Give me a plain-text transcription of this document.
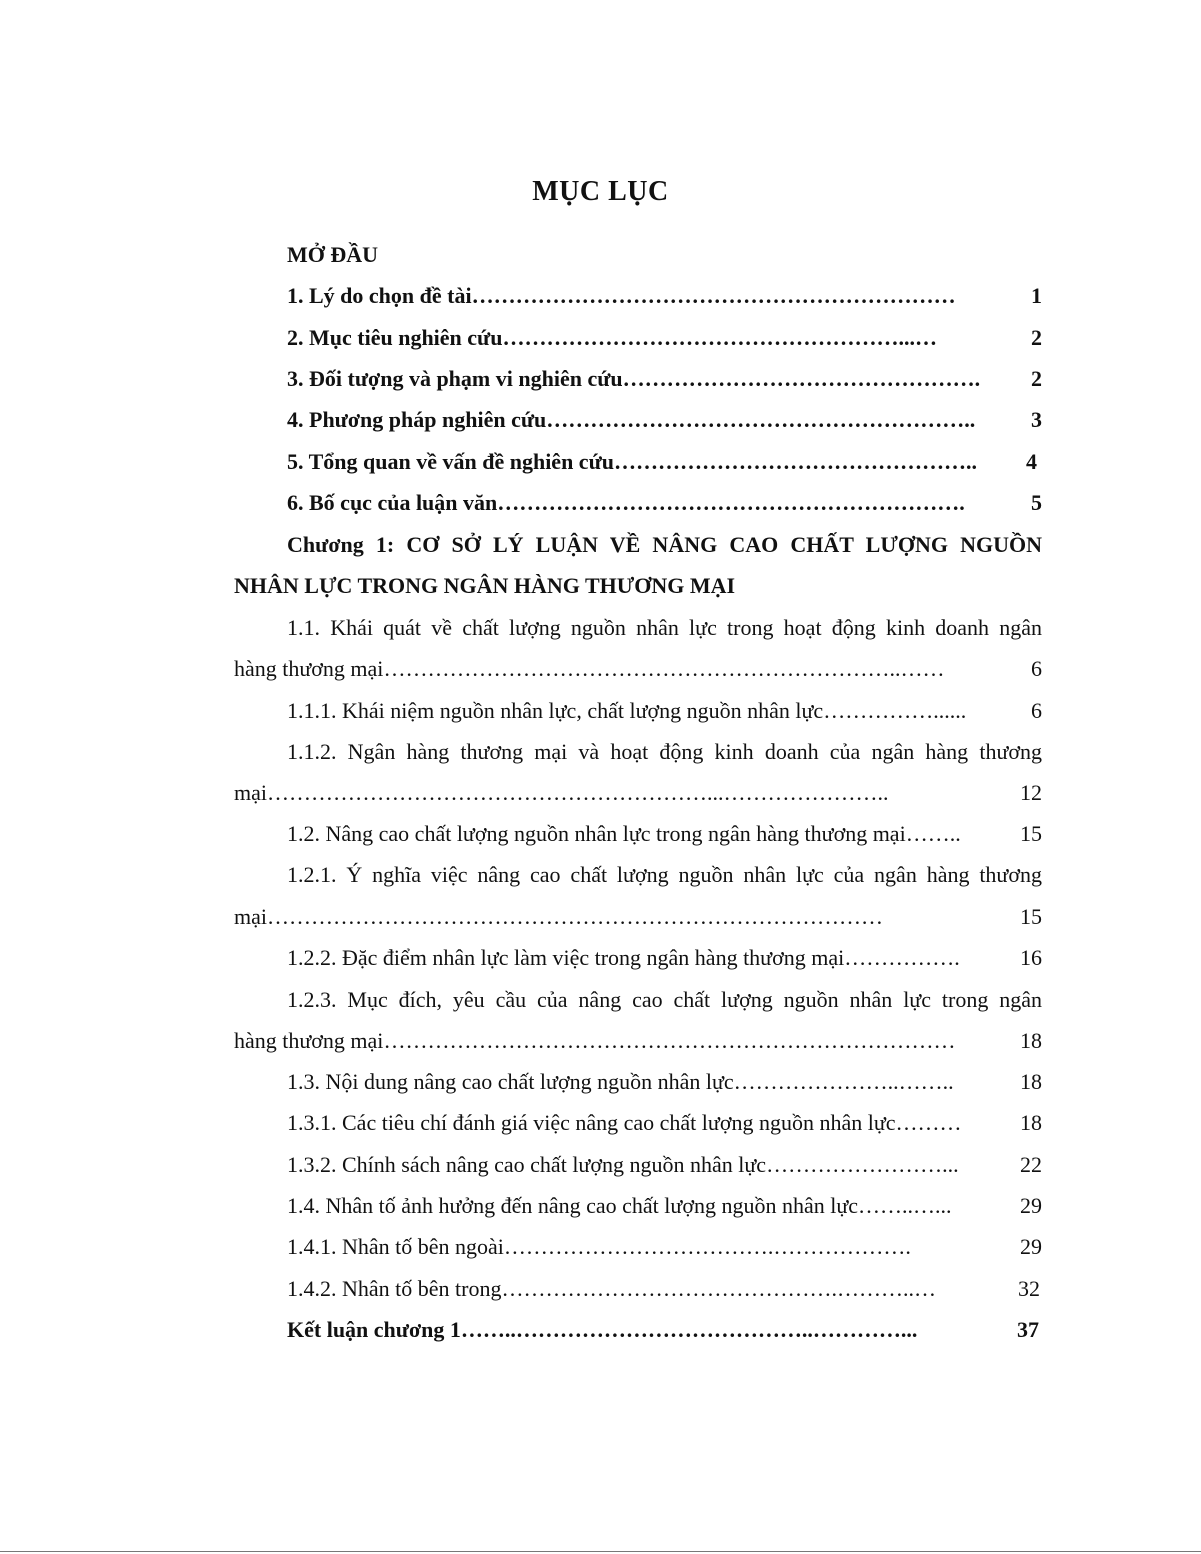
MỤC LỤC
MỞ ĐẦU
1. Lý do chọn đề tài …………………………………………………………	1
2. Mục tiêu nghiên cứu ………………………………………………...…	2
3. Đối tượng và phạm vi nghiên cứu ………………………………………….	2
4. Phương pháp nghiên cứu …………………………………………………..	3
5. Tổng quan về vấn đề nghiên cứu …………………………………………..	4
6. Bố cục của luận văn ……………………………………………………….	5
Chương 1: CƠ SỞ LÝ LUẬN VỀ NÂNG CAO CHẤT LƯỢNG NGUỒN
NHÂN LỰC TRONG NGÂN HÀNG THƯƠNG MẠI
1.1. Khái quát về chất lượng nguồn nhân lực trong hoạt động kinh doanh ngân
hàng thương mại ……………………………………………………………..……	6
1.1.1. Khái niệm nguồn nhân lực, chất lượng nguồn nhân lực ……………......	6
1.1.2. Ngân hàng thương mại và hoạt động kinh doanh của ngân hàng thương
mại ……………………………………………………...…………………..	12
1.2. Nâng cao chất lượng nguồn nhân lực trong ngân hàng thương mại ……..	15
1.2.1. Ý nghĩa việc nâng cao chất lượng nguồn nhân lực của ngân hàng thương
mại …………………………………………………………………………	15
1.2.2. Đặc điểm nhân lực làm việc trong ngân hàng thương mại …………….	16
1.2.3. Mục đích, yêu cầu của nâng cao chất lượng nguồn nhân lực trong ngân
hàng thương mại ……………………………………………………………………	18
1.3. Nội dung nâng cao chất lượng nguồn nhân lực …………………..……..	18
1.3.1. Các tiêu chí đánh giá việc nâng cao chất lượng nguồn nhân lực ………	18
1.3.2. Chính sách nâng cao chất lượng nguồn nhân lực ……………………...	22
1.4. Nhân tố ảnh hưởng đến nâng cao chất lượng nguồn nhân lực ……..…...	29
1.4.1. Nhân tố bên ngoài ……………………………….……………….	29
1.4.2. Nhân tố bên trong ……………………………………….………..…	32
Kết luận chương 1 ……..…………………………………..…………...	37
